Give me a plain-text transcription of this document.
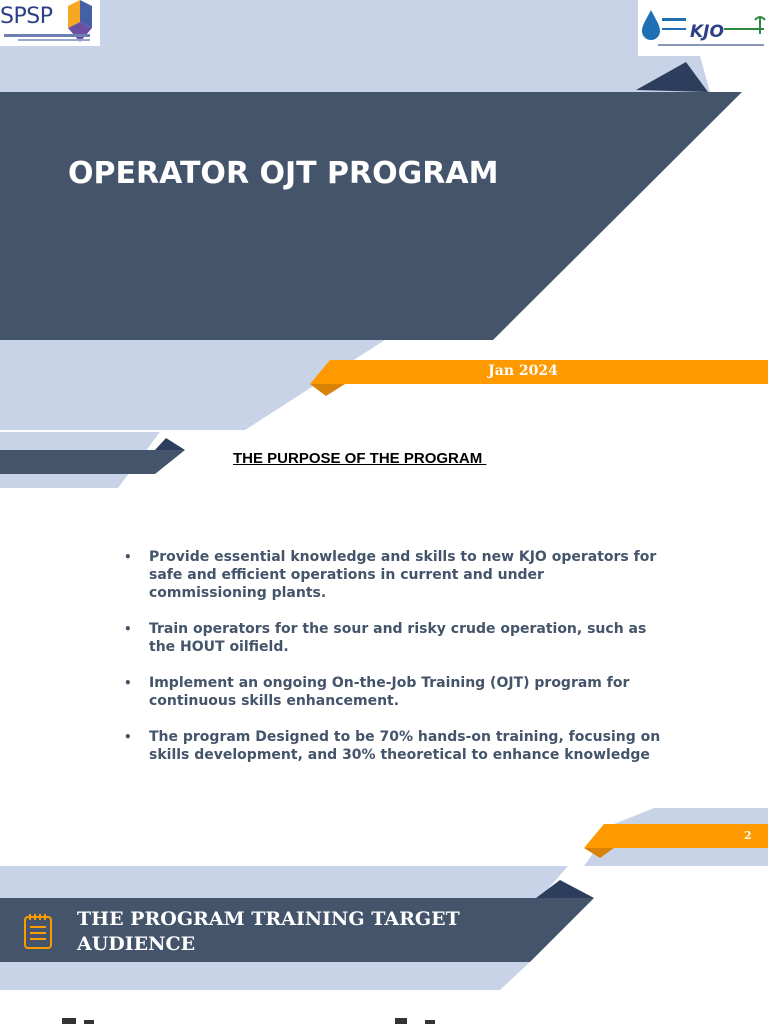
SPSP
KJO
OPERATOR OJT PROGRAM
Jan 2024
THE PURPOSE OF THE PROGRAM
• Provide essential knowledge and skills to new KJO operators for safe and efficient operations in current and under commissioning plants.
• Train operators for the sour and risky crude operation, such as the HOUT oilfield.
• Implement an ongoing On-the-Job Training (OJT) program for continuous skills enhancement.
• The program Designed to be 70% hands-on training, focusing on skills development, and 30% theoretical to enhance knowledge
2
THE PROGRAM TRAINING TARGET AUDIENCE
